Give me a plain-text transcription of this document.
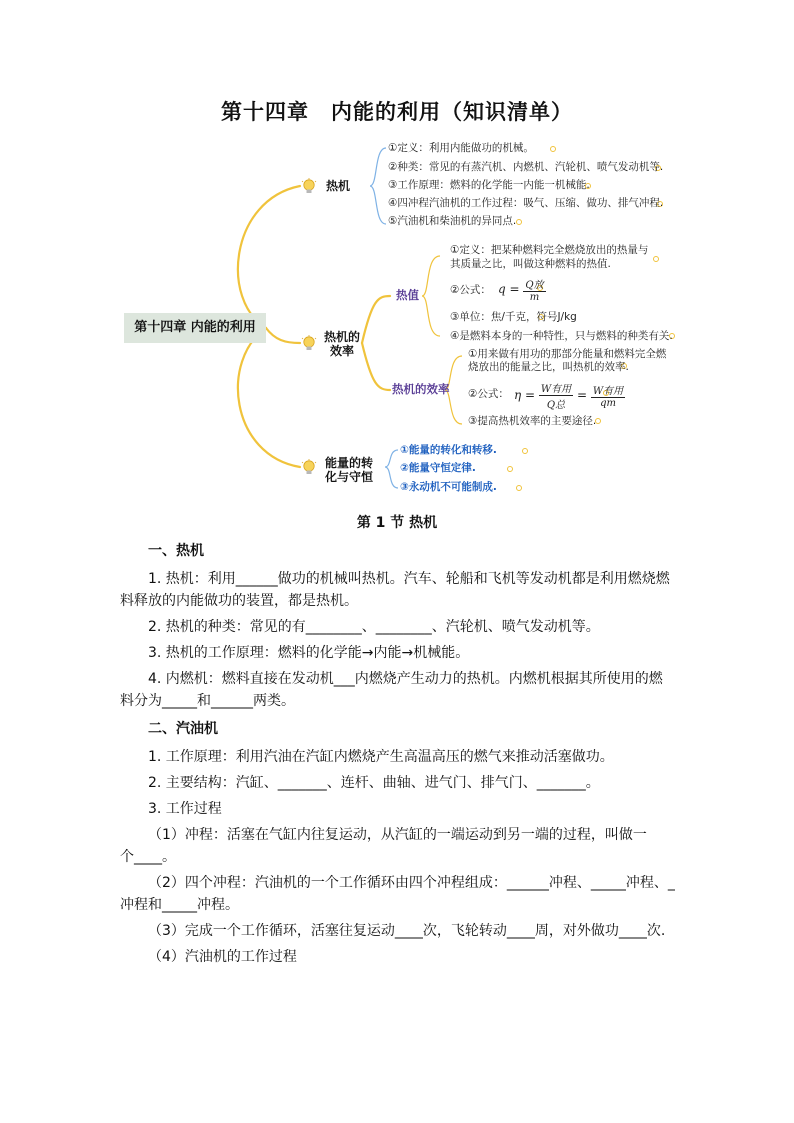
第十四章　内能的利用（知识清单）
第十四章 内能的利用
热机
①定义：利用内能做功的机械。
②种类：常见的有蒸汽机、内燃机、汽轮机、喷气发动机等.
③工作原理：燃料的化学能一内能一机械能.
④四冲程汽油机的工作过程：吸气、压缩、做功、排气冲程.
⑤汽油机和柴油机的异同点.
热机的
效率
热值
①定义：把某种燃料完全燃烧放出的热量与
其质量之比，叫做这种燃料的热值.
②公式： $q = \frac{\text{Q放}}{m}$
③单位：焦/千克，符号J/kg
④是燃料本身的一种特性，只与燃料的种类有关.
热机的效率
①用来做有用功的那部分能量和燃料完全燃
烧放出的能量之比，叫热机的效率.
②公式： $\eta = \frac{\text{W有用}}{\text{Q总}} = \frac{\text{W有用}}{qm}$
③提高热机效率的主要途径.
能量的转
化与守恒
①能量的转化和转移.
②能量守恒定律.
③永动机不可能制成.
第 1 节 热机
一、热机
1. 热机：利用______做功的机械叫热机。汽车、轮船和飞机等发动机都是利用燃烧燃
料释放的内能做功的装置，都是热机。
2. 热机的种类：常见的有________、________、汽轮机、喷气发动机等。
3. 热机的工作原理：燃料的化学能→内能→机械能。
4. 内燃机：燃料直接在发动机___内燃烧产生动力的热机。内燃机根据其所使用的燃
料分为_____和______两类。
二、汽油机
1. 工作原理：利用汽油在汽缸内燃烧产生高温高压的燃气来推动活塞做功。
2. 主要结构：汽缸、_______、连杆、曲轴、进气门、排气门、_______。
3. 工作过程
（1）冲程：活塞在气缸内往复运动，从汽缸的一端运动到另一端的过程，叫做一
个____。
（2）四个冲程：汽油机的一个工作循环由四个冲程组成：______冲程、_____冲程、_
冲程和_____冲程。
（3）完成一个工作循环，活塞往复运动____次，飞轮转动____周，对外做功____次.
（4）汽油机的工作过程
